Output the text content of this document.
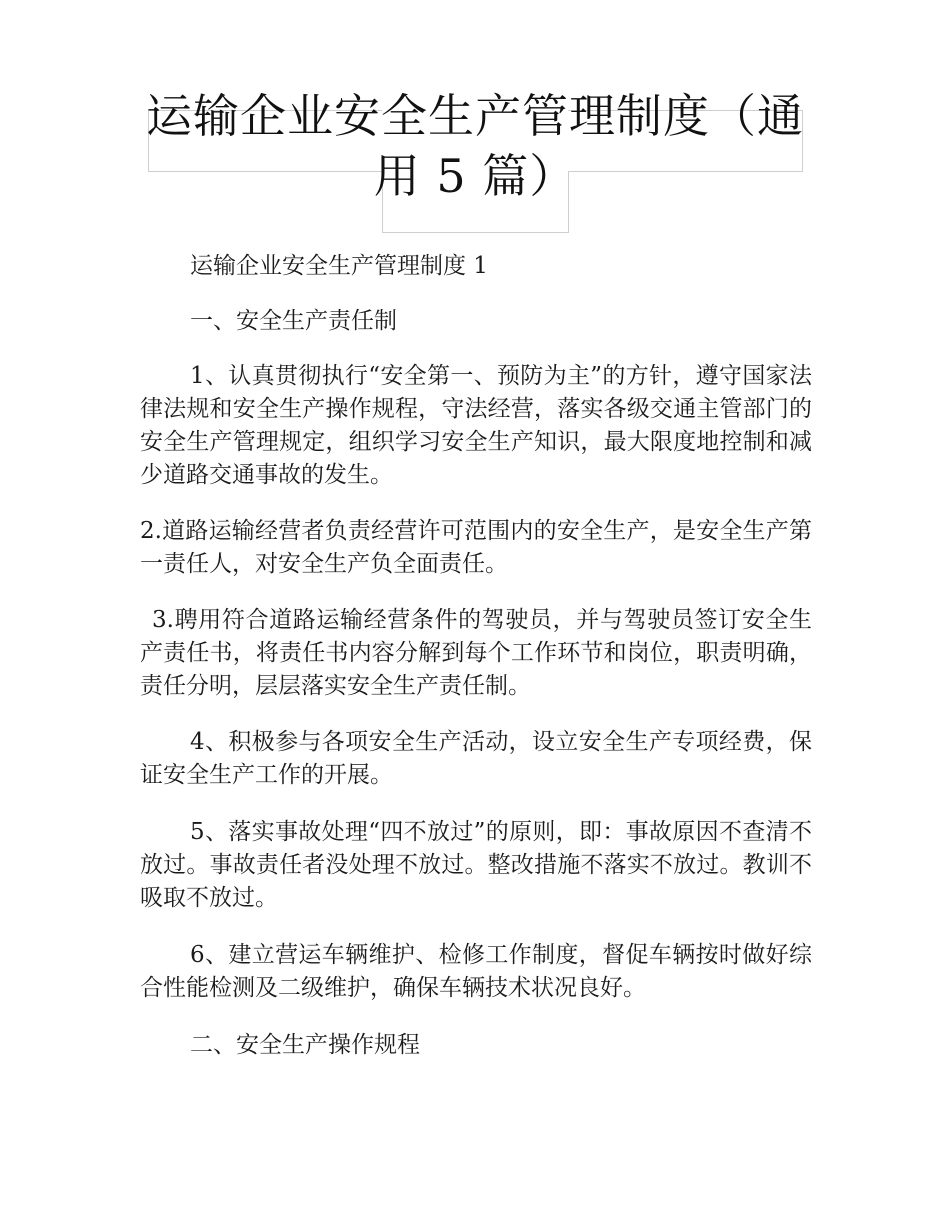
运输企业安全生产管理制度（通用 5 篇）

运输企业安全生产管理制度 1

一、安全生产责任制

1、认真贯彻执行“安全第一、预防为主”的方针，遵守国家法律法规和安全生产操作规程，守法经营，落实各级交通主管部门的安全生产管理规定，组织学习安全生产知识，最大限度地控制和减少道路交通事故的发生。

2.道路运输经营者负责经营许可范围内的安全生产，是安全生产第一责任人，对安全生产负全面责任。

3.聘用符合道路运输经营条件的驾驶员，并与驾驶员签订安全生产责任书，将责任书内容分解到每个工作环节和岗位，职责明确，责任分明，层层落实安全生产责任制。

4、积极参与各项安全生产活动，设立安全生产专项经费，保证安全生产工作的开展。

5、落实事故处理“四不放过”的原则，即：事故原因不查清不放过。事故责任者没处理不放过。整改措施不落实不放过。教训不吸取不放过。

6、建立营运车辆维护、检修工作制度，督促车辆按时做好综合性能检测及二级维护，确保车辆技术状况良好。

二、安全生产操作规程
